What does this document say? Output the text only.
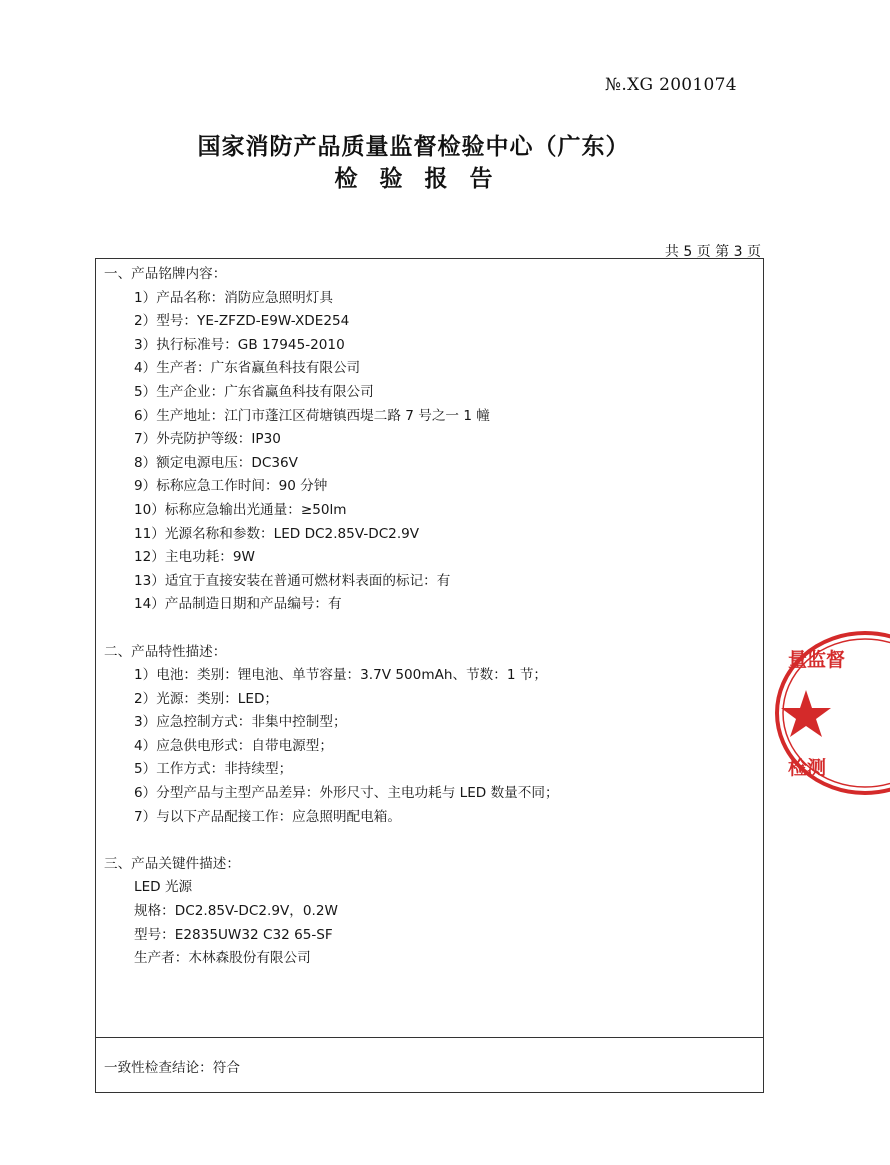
№.XG 2001074
国家消防产品质量监督检验中心（广东）
检验报告
共 5 页 第 3 页
一、产品铭牌内容：
1）产品名称：消防应急照明灯具
2）型号：YE-ZFZD-E9W-XDE254
3）执行标准号：GB 17945-2010
4）生产者：广东省赢鱼科技有限公司
5）生产企业：广东省赢鱼科技有限公司
6）生产地址：江门市蓬江区荷塘镇西堤二路 7 号之一 1 幢
7）外壳防护等级：IP30
8）额定电源电压：DC36V
9）标称应急工作时间：90 分钟
10）标称应急输出光通量：≥50lm
11）光源名称和参数：LED DC2.85V-DC2.9V
12）主电功耗：9W
13）适宜于直接安装在普通可燃材料表面的标记：有
14）产品制造日期和产品编号：有
二、产品特性描述：
1）电池：类别：锂电池、单节容量：3.7V 500mAh、节数：1 节；
2）光源：类别：LED；
3）应急控制方式：非集中控制型；
4）应急供电形式：自带电源型；
5）工作方式：非持续型；
6）分型产品与主型产品差异：外形尺寸、主电功耗与 LED 数量不同；
7）与以下产品配接工作：应急照明配电箱。
三、产品关键件描述：
LED 光源
规格：DC2.85V-DC2.9V，0.2W
型号：E2835UW32 C32 65-SF
生产者：木林森股份有限公司
一致性检查结论：符合
量监督
检测
